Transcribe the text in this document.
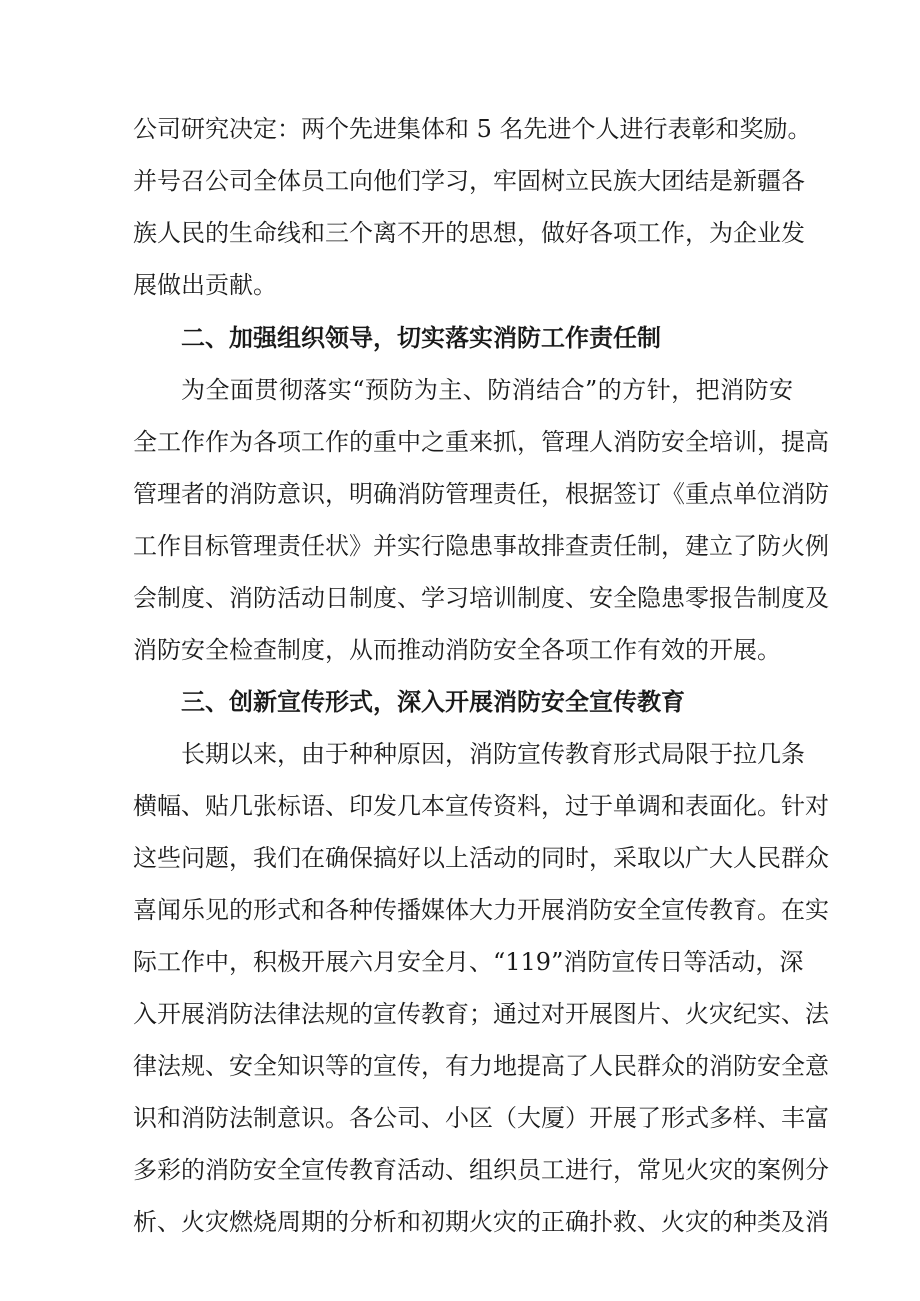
公司研究决定：两个先进集体和 5 名先进个人进行表彰和奖励。
并号召公司全体员工向他们学习，牢固树立民族大团结是新疆各
族人民的生命线和三个离不开的思想，做好各项工作，为企业发
展做出贡献。
二、加强组织领导，切实落实消防工作责任制
为全面贯彻落实“预防为主、防消结合”的方针，把消防安
全工作作为各项工作的重中之重来抓，管理人消防安全培训，提高
管理者的消防意识，明确消防管理责任，根据签订《重点单位消防
工作目标管理责任状》并实行隐患事故排查责任制，建立了防火例
会制度、消防活动日制度、学习培训制度、安全隐患零报告制度及
消防安全检查制度，从而推动消防安全各项工作有效的开展。
三、创新宣传形式，深入开展消防安全宣传教育
长期以来，由于种种原因，消防宣传教育形式局限于拉几条
横幅、贴几张标语、印发几本宣传资料，过于单调和表面化。针对
这些问题，我们在确保搞好以上活动的同时，采取以广大人民群众
喜闻乐见的形式和各种传播媒体大力开展消防安全宣传教育。在实
际工作中，积极开展六月安全月、“119”消防宣传日等活动，深
入开展消防法律法规的宣传教育；通过对开展图片、火灾纪实、法
律法规、安全知识等的宣传，有力地提高了人民群众的消防安全意
识和消防法制意识。各公司、小区（大厦）开展了形式多样、丰富
多彩的消防安全宣传教育活动、组织员工进行，常见火灾的案例分
析、火灾燃烧周期的分析和初期火灾的正确扑救、火灾的种类及消
